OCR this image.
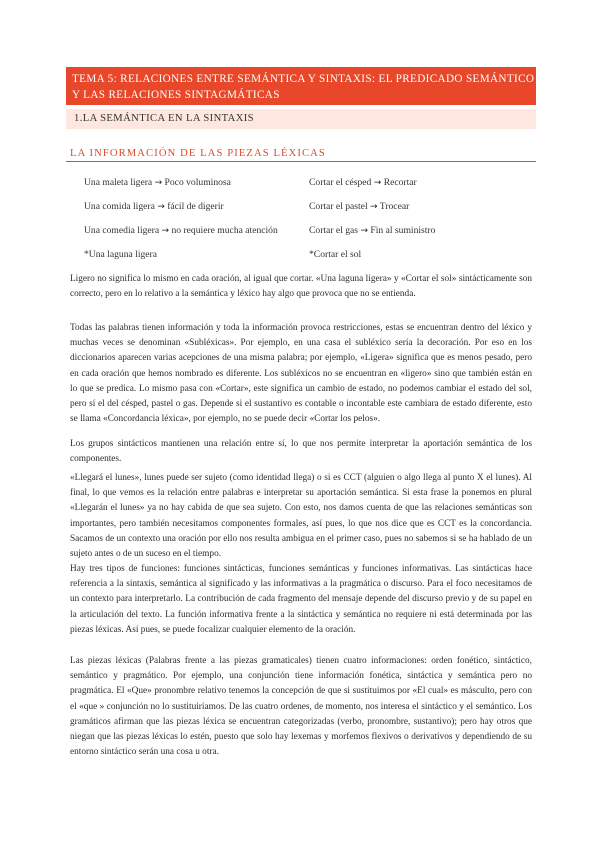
TEMA 5: RELACIONES ENTRE SEMÁNTICA Y SINTAXIS: EL PREDICADO SEMÁNTICO Y LAS RELACIONES SINTAGMÁTICAS
1.LA SEMÁNTICA EN LA SINTAXIS
LA INFORMACIÓN DE LAS PIEZAS LÉXICAS
Una maleta ligera → Poco voluminosa
Una comida ligera → fácil de digerir
Una comedia ligera → no requiere mucha atención
*Una laguna ligera
Cortar el césped → Recortar
Cortar el pastel → Trocear
Cortar el gas → Fin al suministro
*Cortar el sol

Ligero no significa lo mismo en cada oración, al igual que cortar. «Una laguna ligera» y «Cortar el sol» sintácticamente son correcto, pero en lo relativo a la semántica y léxico hay algo que provoca que no se entienda.

Todas las palabras tienen información y toda la información provoca restricciones, estas se encuentran dentro del léxico y muchas veces se denominan «Subléxicas». Por ejemplo, en una casa el subléxico sería la decoración. Por eso en los diccionarios aparecen varias acepciones de una misma palabra; por ejemplo, «Ligera» significa que es menos pesado, pero en cada oración que hemos nombrado es diferente. Los subléxicos no se encuentran en «ligero» sino que también están en lo que se predica. Lo mismo pasa con «Cortar», este significa un cambio de estado, no podemos cambiar el estado del sol, pero sí el del césped, pastel o gas. Depende si el sustantivo es contable o incontable este cambiara de estado diferente, esto se llama «Concordancia léxica», por ejemplo, no se puede decir «Cortar los pelos».

Los grupos sintácticos mantienen una relación entre sí, lo que nos permite interpretar la aportación semántica de los componentes.

«Llegará el lunes», lunes puede ser sujeto (como identidad llega) o si es CCT (alguien o algo llega al punto X el lunes). Al final, lo que vemos es la relación entre palabras e interpretar su aportación semántica. Si esta frase la ponemos en plural «Llegarán el lunes» ya no hay cabida de que sea sujeto. Con esto, nos damos cuenta de que las relaciones semánticas son importantes, pero también necesitamos componentes formales, así pues, lo que nos dice que es CCT es la concordancia. Sacamos de un contexto una oración por ello nos resulta ambigua en el primer caso, pues no sabemos si se ha hablado de un sujeto antes o de un suceso en el tiempo.

Hay tres tipos de funciones: funciones sintácticas, funciones semánticas y funciones informativas. Las sintácticas hace referencia a la sintaxis, semántica al significado y las informativas a la pragmática o discurso. Para el foco necesitamos de un contexto para interpretarlo. La contribución de cada fragmento del mensaje depende del discurso previo y de su papel en la articulación del texto. La función informativa frente a la sintáctica y semántica no requiere ni está determinada por las piezas léxicas. Así pues, se puede focalizar cualquier elemento de la oración.

Las piezas léxicas (Palabras frente a las piezas gramaticales) tienen cuatro informaciones: orden fonético, sintáctico, semántico y pragmático. Por ejemplo, una conjunción tiene información fonética, sintáctica y semántica pero no pragmática. El «Que» pronombre relativo tenemos la concepción de que si sustituimos por «El cual» es másculto, pero con el «que » conjunción no lo sustituiríamos. De las cuatro ordenes, de momento, nos interesa el sintáctico y el semántico. Los gramáticos afirman que las piezas léxica se encuentran categorizadas (verbo, pronombre, sustantivo); pero hay otros que niegan que las piezas léxicas lo estén, puesto que solo hay lexemas y morfemos flexivos o derivativos y dependiendo de su entorno sintáctico serán una cosa u otra.
